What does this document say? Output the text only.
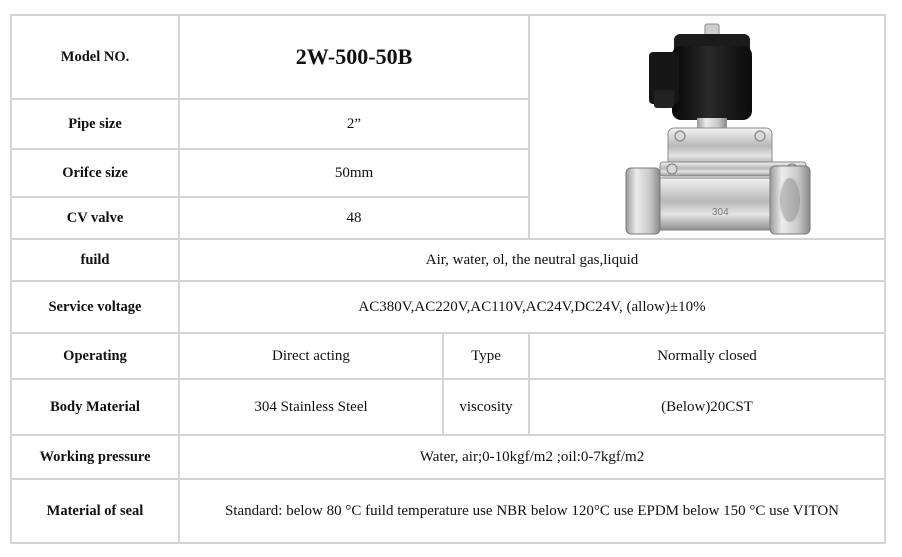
Model NO.	2W-500-50B		304

Pipe size	2”		
Orifce size	50mm		
CV valve	48		
fuild	Air, water, ol, the neutral gas,liquid		
Service voltage	AC380V,AC220V,AC110V,AC24V,DC24V, (allow)±10%		
Operating	Direct acting	Type	Normally closed
Body Material	304 Stainless Steel	viscosity	(Below)20CST
Working pressure	Water, air;0-10kgf/m2 ;oil:0-7kgf/m2		
Material of seal	Standard: below 80 °C fuild temperature use NBR below 120°C use EPDM below 150 °C use VITON		
